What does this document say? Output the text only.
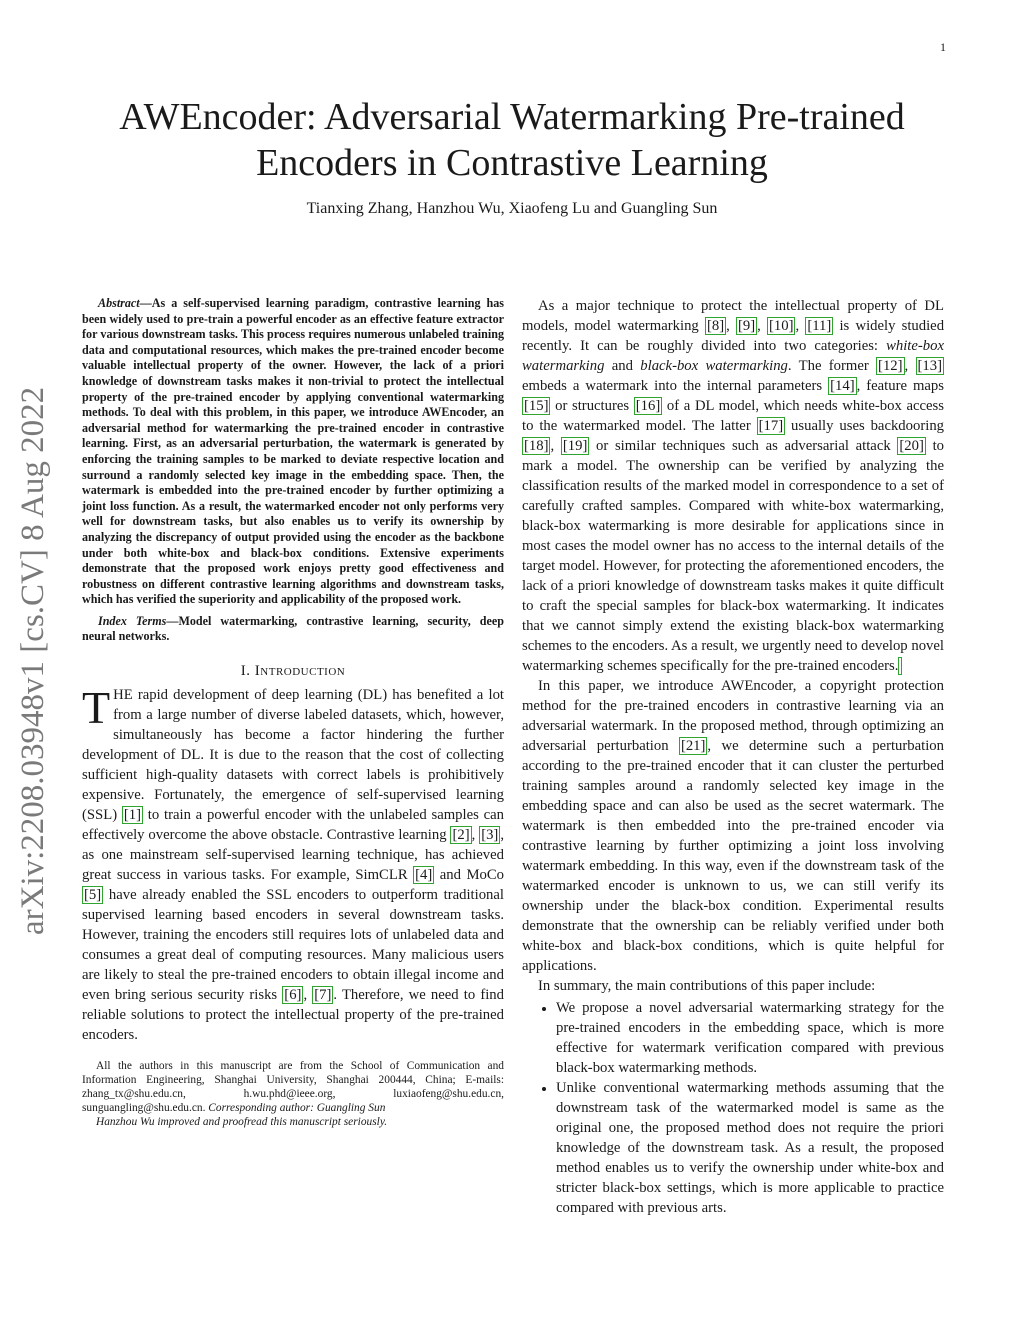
1
arXiv:2208.03948v1 [cs.CV] 8 Aug 2022
AWEncoder: Adversarial Watermarking Pre-trained Encoders in Contrastive Learning
Tianxing Zhang, Hanzhou Wu, Xiaofeng Lu and Guangling Sun
Abstract—As a self-supervised learning paradigm, contrastive learning has been widely used to pre-train a powerful encoder as an effective feature extractor for various downstream tasks. This process requires numerous unlabeled training data and computational resources, which makes the pre-trained encoder become valuable intellectual property of the owner. However, the lack of a priori knowledge of downstream tasks makes it non-trivial to protect the intellectual property of the pre-trained encoder by applying conventional watermarking methods. To deal with this problem, in this paper, we introduce AWEncoder, an adversarial method for watermarking the pre-trained encoder in contrastive learning. First, as an adversarial perturbation, the watermark is generated by enforcing the training samples to be marked to deviate respective location and surround a randomly selected key image in the embedding space. Then, the watermark is embedded into the pre-trained encoder by further optimizing a joint loss function. As a result, the watermarked encoder not only performs very well for downstream tasks, but also enables us to verify its ownership by analyzing the discrepancy of output provided using the encoder as the backbone under both white-box and black-box conditions. Extensive experiments demonstrate that the proposed work enjoys pretty good effectiveness and robustness on different contrastive learning algorithms and downstream tasks, which has verified the superiority and applicability of the proposed work.
Index Terms—Model watermarking, contrastive learning, security, deep neural networks.
I. Introduction

THE rapid development of deep learning (DL) has benefited a lot from a large number of diverse labeled datasets, which, however, simultaneously has become a factor hindering the further development of DL. It is due to the reason that the cost of collecting sufficient high-quality datasets with correct labels is prohibitively expensive. Fortunately, the emergence of self-supervised learning (SSL) [1] to train a powerful encoder with the unlabeled samples can effectively overcome the above obstacle. Contrastive learning [2] , [3] , as one mainstream self-supervised learning technique, has achieved great success in various tasks. For example, SimCLR [4] and MoCo [5] have already enabled the SSL encoders to outperform traditional supervised learning based encoders in several downstream tasks. However, training the encoders still requires lots of unlabeled data and consumes a great deal of computing resources. Many malicious users are likely to steal the pre-trained encoders to obtain illegal income and even bring serious security risks [6] , [7] . Therefore, we need to find reliable solutions to protect the intellectual property of the pre-trained encoders.

All the authors in this manuscript are from the School of Communication and Information Engineering, Shanghai University, Shanghai 200444, China; E-mails: zhang_tx@shu.edu.cn, h.wu.phd@ieee.org, luxiaofeng@shu.edu.cn, sunguangling@shu.edu.cn. Corresponding author: Guangling Sun
Hanzhou Wu improved and proofread this manuscript seriously.

As a major technique to protect the intellectual property of DL models, model watermarking [8] , [9] , [10] , [11] is widely studied recently. It can be roughly divided into two categories: white-box watermarking and black-box watermarking. The former [12] , [13] embeds a watermark into the internal parameters [14] , feature maps [15] or structures [16] of a DL model, which needs white-box access to the watermarked model. The latter [17] usually uses backdooring [18] , [19] or similar techniques such as adversarial attack [20] to mark a model. The ownership can be verified by analyzing the classification results of the marked model in correspondence to a set of carefully crafted samples. Compared with white-box watermarking, black-box watermarking is more desirable for applications since in most cases the model owner has no access to the internal details of the target model. However, for protecting the aforementioned encoders, the lack of a priori knowledge of downstream tasks makes it quite difficult to craft the special samples for black-box watermarking. It indicates that we cannot simply extend the existing black-box watermarking schemes to the encoders. As a result, we urgently need to develop novel watermarking schemes specifically for the pre-trained encoders.

In this paper, we introduce AWEncoder, a copyright protection method for the pre-trained encoders in contrastive learning via an adversarial watermark. In the proposed method, through optimizing an adversarial perturbation [21] , we determine such a perturbation according to the pre-trained encoder that it can cluster the perturbed training samples around a randomly selected key image in the embedding space and can also be used as the secret watermark. The watermark is then embedded into the pre-trained encoder via contrastive learning by further optimizing a joint loss involving watermark embedding. In this way, even if the downstream task of the watermarked encoder is unknown to us, we can still verify its ownership under the black-box condition. Experimental results demonstrate that the ownership can be reliably verified under both white-box and black-box conditions, which is quite helpful for applications.

In summary, the main contributions of this paper include:

• We propose a novel adversarial watermarking strategy for the pre-trained encoders in the embedding space, which is more effective for watermark verification compared with previous black-box watermarking methods.
• Unlike conventional watermarking methods assuming that the downstream task of the watermarked model is same as the original one, the proposed method does not require the priori knowledge of the downstream task. As a result, the proposed method enables us to verify the ownership under white-box and stricter black-box settings, which is more applicable to practice compared with previous arts.
